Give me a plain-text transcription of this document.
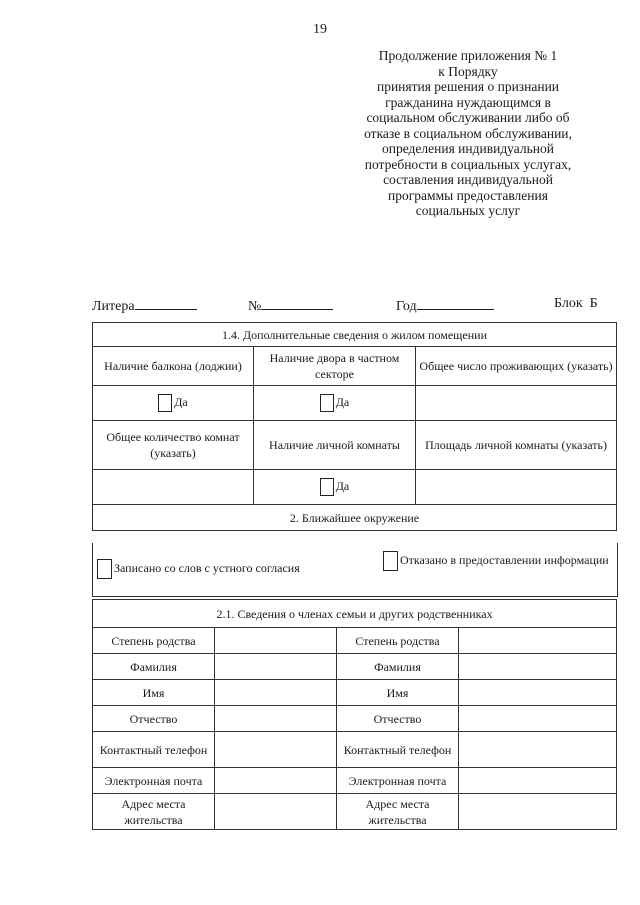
19
Продолжение приложения № 1
к Порядку
принятия решения о признании
гражданина нуждающимся в
социальном обслуживании либо об
отказе в социальном обслуживании,
определения индивидуальной
потребности в социальных услугах,
составления индивидуальной
программы предоставления
социальных услуг
Литера	№	Год	Блок  Б
1.4. Дополнительные сведения о жилом помещении		
Наличие балкона (лоджии)	Наличие двора в частном секторе	Общее число проживающих (указать)
Да	Да	
Общее количество комнат (указать)	Наличие личной комнаты	Площадь личной комнаты (указать)
	Да	
2. Ближайшее окружение		
Записано со слов с устного согласия
Отказано в предоставлении информации
2.1. Сведения о членах семьи и других родственниках			
Степень родства		Степень родства	
Фамилия		Фамилия	
Имя		Имя	
Отчество		Отчество	
Контактный телефон		Контактный телефон	
Электронная почта		Электронная почта	
Адрес места жительства		Адрес места жительства	
